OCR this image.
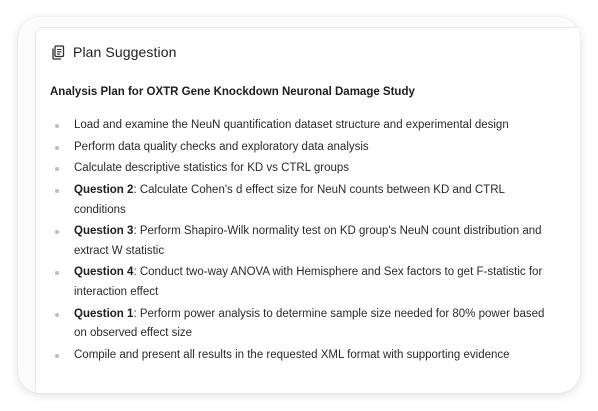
Plan Suggestion
Analysis Plan for OXTR Gene Knockdown Neuronal Damage Study
Load and examine the NeuN quantification dataset structure and experimental design
Perform data quality checks and exploratory data analysis
Calculate descriptive statistics for KD vs CTRL groups
Question 2: Calculate Cohen's d effect size for NeuN counts between KD and CTRL conditions
Question 3: Perform Shapiro-Wilk normality test on KD group's NeuN count distribution and extract W statistic
Question 4: Conduct two-way ANOVA with Hemisphere and Sex factors to get F-statistic for interaction effect
Question 1: Perform power analysis to determine sample size needed for 80% power based on observed effect size
Compile and present all results in the requested XML format with supporting evidence
